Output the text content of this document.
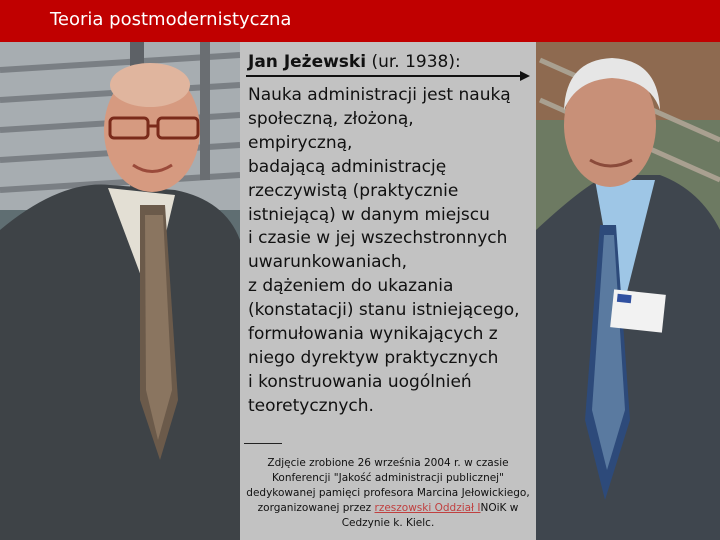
Teoria postmodernistyczna
Jan Jeżewski (ur. 1938):
Nauka administracji jest nauką
społeczną, złożoną,
empiryczną,
badającą administrację
rzeczywistą (praktycznie
istniejącą) w danym miejscu
i czasie w jej wszechstronnych
uwarunkowaniach,
z dążeniem do ukazania
(konstatacji) stanu istniejącego,
formułowania wynikających z
niego dyrektyw praktycznych
i konstruowania uogólnień
teoretycznych.
Zdjęcie zrobione 26 września 2004 r. w czasie Konferencji "Jakość administracji publicznej" dedykowanej pamięci profesora Marcina Jełowickiego, zorganizowanej przez rzeszowski Oddział INOiK w Cedzynie k. Kielc.
